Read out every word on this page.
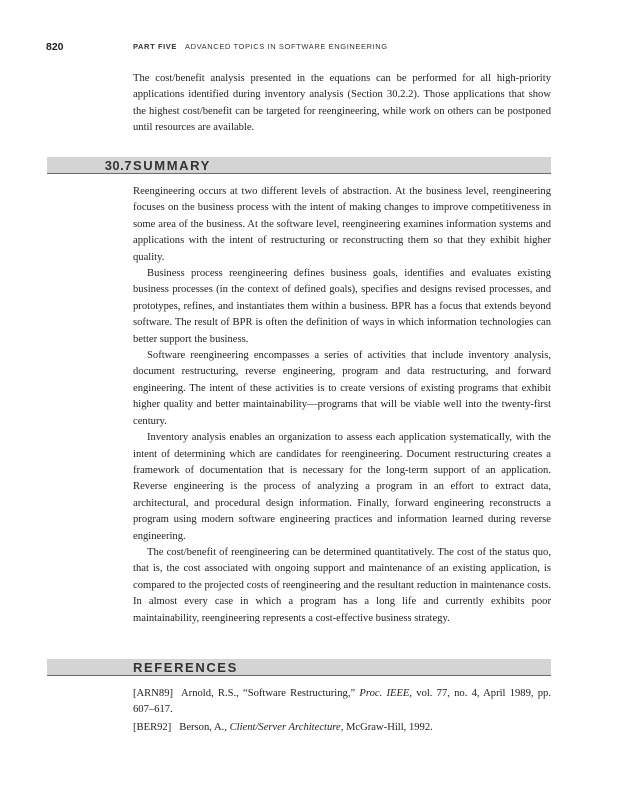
820	PART FIVE ADVANCED TOPICS IN SOFTWARE ENGINEERING

The cost/benefit analysis presented in the equations can be performed for all high-priority applications identified during inventory analysis (Section 30.2.2). Those applications that show the highest cost/benefit can be targeted for reengineering, while work on others can be postponed until resources are available.

30.7 SUMMARY

Reengineering occurs at two different levels of abstraction. At the business level, reengineering focuses on the business process with the intent of making changes to improve competitiveness in some area of the business. At the software level, reengineering examines information systems and applications with the intent of restructuring or reconstructing them so that they exhibit higher quality.

Business process reengineering defines business goals, identifies and evaluates existing business processes (in the context of defined goals), specifies and designs revised processes, and prototypes, refines, and instantiates them within a business. BPR has a focus that extends beyond software. The result of BPR is often the definition of ways in which information technologies can better support the business.

Software reengineering encompasses a series of activities that include inventory analysis, document restructuring, reverse engineering, program and data restructuring, and forward engineering. The intent of these activities is to create versions of existing programs that exhibit higher quality and better maintainability—programs that will be viable well into the twenty-first century.

Inventory analysis enables an organization to assess each application systematically, with the intent of determining which are candidates for reengineering. Document restructuring creates a framework of documentation that is necessary for the long-term support of an application. Reverse engineering is the process of analyzing a program in an effort to extract data, architectural, and procedural design information. Finally, forward engineering reconstructs a program using modern software engineering practices and information learned during reverse engineering.

The cost/benefit of reengineering can be determined quantitatively. The cost of the status quo, that is, the cost associated with ongoing support and maintenance of an existing application, is compared to the projected costs of reengineering and the resultant reduction in maintenance costs. In almost every case in which a program has a long life and currently exhibits poor maintainability, reengineering represents a cost-effective business strategy.

REFERENCES

[ARN89] Arnold, R.S., “Software Restructuring,” Proc. IEEE, vol. 77, no. 4, April 1989, pp. 607–617.

[BER92] Berson, A., Client/Server Architecture, McGraw-Hill, 1992.
